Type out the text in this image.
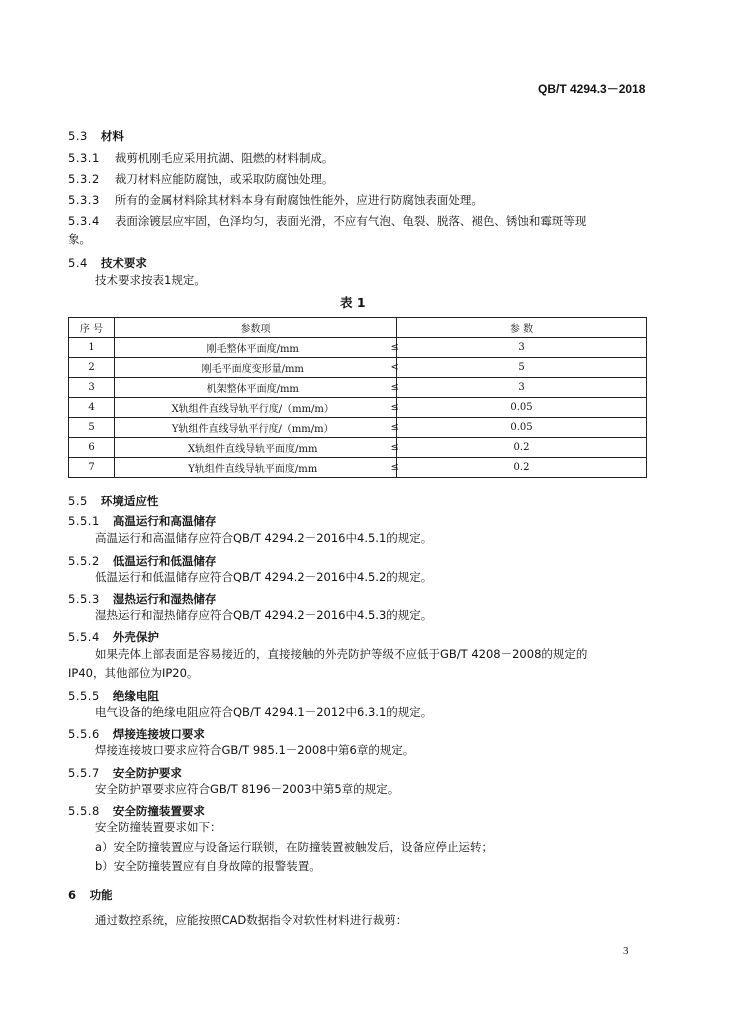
QB/T 4294.3－2018
5.3 材料
5.3.1 裁剪机刚毛应采用抗湖、阻燃的材料制成。
5.3.2 裁刀材料应能防腐蚀，或采取防腐蚀处理。
5.3.3 所有的金属材料除其材料本身有耐腐蚀性能外，应进行防腐蚀表面处理。
5.3.4 表面涂镀层应牢固，色泽均匀，表面光滑，不应有气泡、龟裂、脱落、褪色、锈蚀和霉斑等现
象。
5.4 技术要求
技术要求按表1规定。
表 1
序 号	参数项		参 数
1	刚毛整体平面度/mm	≤	3
2	刚毛平面度变形量/mm	<	5
3	机架整体平面度/mm	≤	3
4	X轨组件直线导轨平行度/（mm/m）	≤	0.05
5	Y轨组件直线导轨平行度/（mm/m）	≤	0.05
6	X轨组件直线导轨平面度/mm	≤	0.2
7	Y轨组件直线导轨平面度/mm	≤	0.2
5.5 环境适应性
5.5.1 高温运行和高温储存
高温运行和高温储存应符合QB/T 4294.2－2016中4.5.1的规定。
5.5.2 低温运行和低温储存
低温运行和低温储存应符合QB/T 4294.2－2016中4.5.2的规定。
5.5.3 湿热运行和湿热储存
湿热运行和湿热储存应符合QB/T 4294.2－2016中4.5.3的规定。
5.5.4 外壳保护
如果壳体上部表面是容易接近的，直接接触的外壳防护等级不应低于GB/T 4208－2008的规定的
IP40，其他部位为IP20。
5.5.5 绝缘电阻
电气设备的绝缘电阻应符合QB/T 4294.1－2012中6.3.1的规定。
5.5.6 焊接连接坡口要求
焊接连接坡口要求应符合GB/T 985.1－2008中第6章的规定。
5.5.7 安全防护要求
安全防护罩要求应符合GB/T 8196－2003中第5章的规定。
5.5.8 安全防撞装置要求
安全防撞装置要求如下：
a）安全防撞装置应与设备运行联锁，在防撞装置被触发后，设备应停止运转；
b）安全防撞装置应有自身故障的报警装置。
6 功能
通过数控系统，应能按照CAD数据指令对软性材料进行裁剪：
3
